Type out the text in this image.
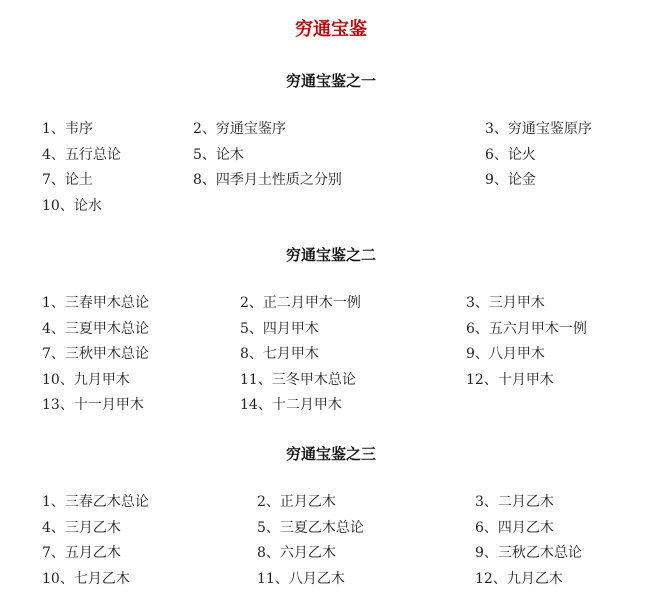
穷通宝鉴
穷通宝鉴之一
1、韦序	2、穷通宝鉴序	3、穷通宝鉴原序
4、五行总论	5、论木	6、论火
7、论土	8、四季月土性质之分别	9、论金
10、论水
穷通宝鉴之二
1、三春甲木总论	2、正二月甲木一例	3、三月甲木
4、三夏甲木总论	5、四月甲木	6、五六月甲木一例
7、三秋甲木总论	8、七月甲木	9、八月甲木
10、九月甲木	11、三冬甲木总论	12、十月甲木
13、十一月甲木	14、十二月甲木
穷通宝鉴之三
1、三春乙木总论	2、正月乙木	3、二月乙木
4、三月乙木	5、三夏乙木总论	6、四月乙木
7、五月乙木	8、六月乙木	9、三秋乙木总论
10、七月乙木	11、八月乙木	12、九月乙木
